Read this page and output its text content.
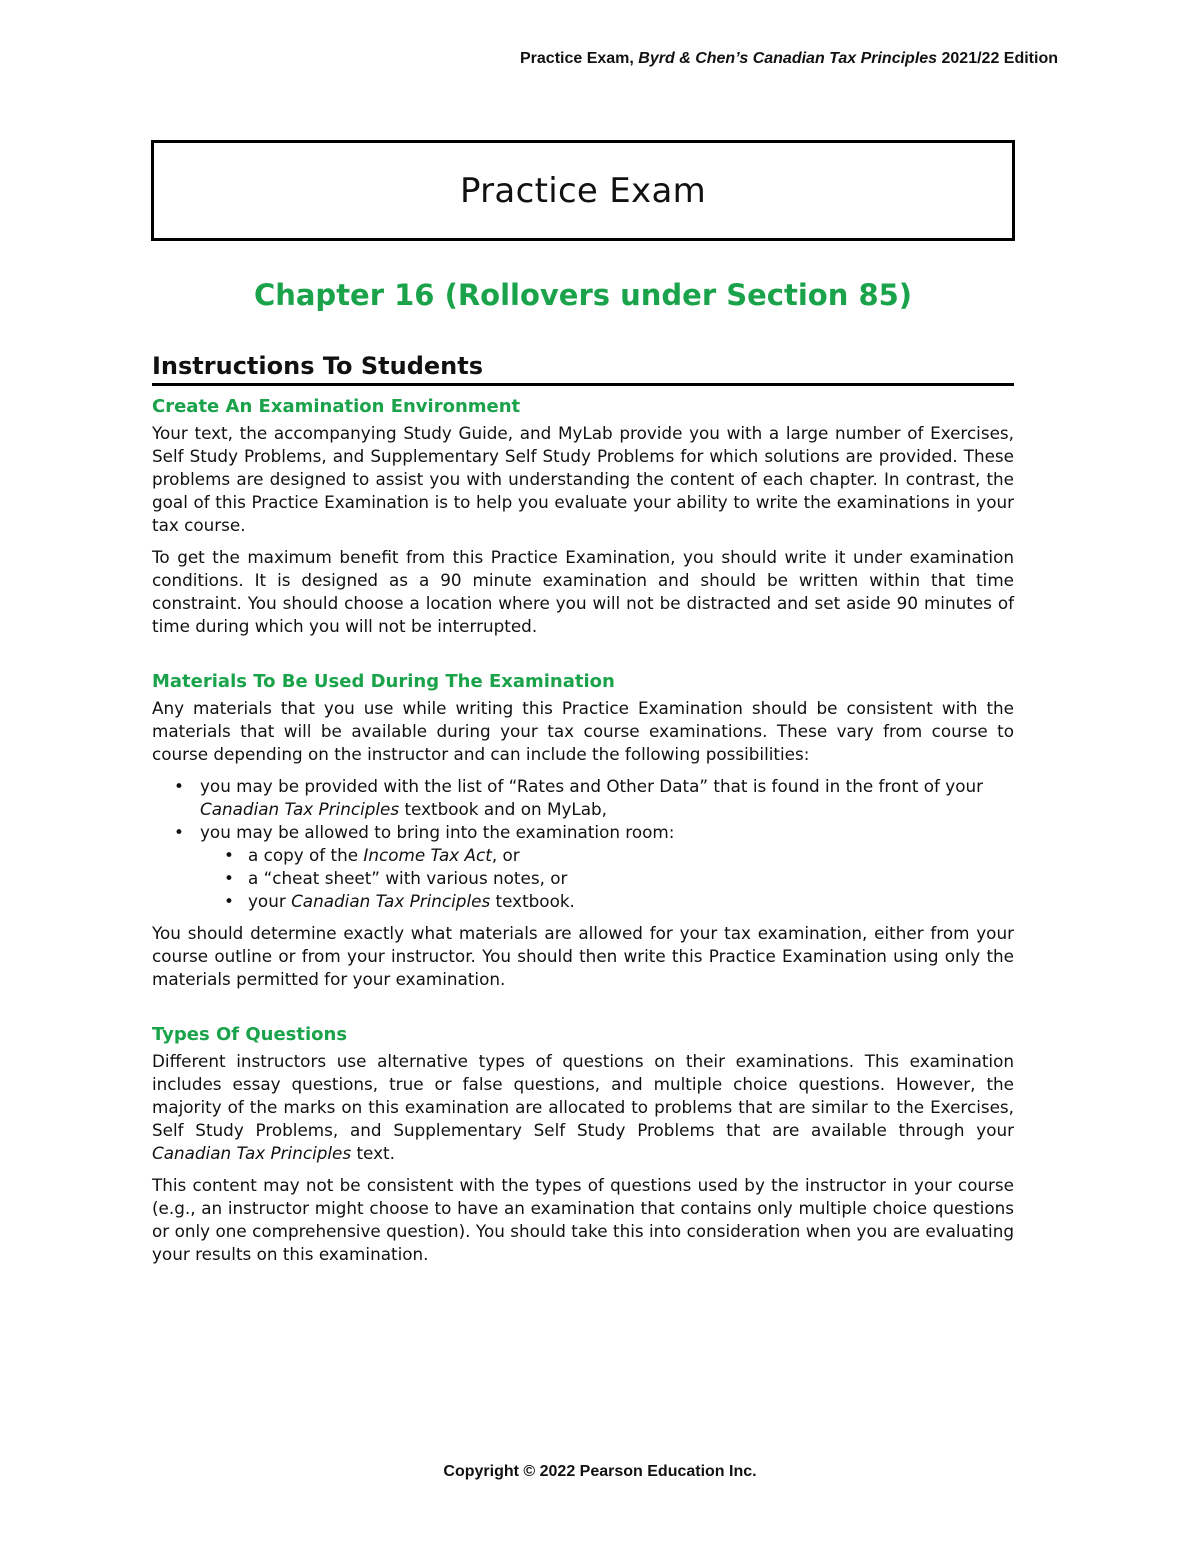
Practice Exam, Byrd & Chen’s Canadian Tax Principles 2021/22 Edition
Practice Exam
Chapter 16 (Rollovers under Section 85)
Instructions To Students
Create An Examination Environment

Your text, the accompanying Study Guide, and MyLab provide you with a large number of Exercises, Self Study Problems, and Supplementary Self Study Problems for which solutions are provided. These problems are designed to assist you with understanding the content of each chapter. In contrast, the goal of this Practice Examination is to help you evaluate your ability to write the examinations in your tax course.

To get the maximum benefit from this Practice Examination, you should write it under examination conditions. It is designed as a 90 minute examination and should be written within that time constraint. You should choose a location where you will not be distracted and set aside 90 minutes of time during which you will not be interrupted.

Materials To Be Used During The Examination

Any materials that you use while writing this Practice Examination should be consistent with the materials that will be available during your tax course examinations. These vary from course to course depending on the instructor and can include the following possibilities:

• you may be provided with the list of “Rates and Other Data” that is found in the front of your Canadian Tax Principles textbook and on MyLab,
• you may be allowed to bring into the examination room:
• a copy of the Income Tax Act, or
• a “cheat sheet” with various notes, or
• your Canadian Tax Principles textbook.

You should determine exactly what materials are allowed for your tax examination, either from your course outline or from your instructor. You should then write this Practice Examination using only the materials permitted for your examination.

Types Of Questions

Different instructors use alternative types of questions on their examinations. This examination includes essay questions, true or false questions, and multiple choice questions. However, the majority of the marks on this examination are allocated to problems that are similar to the Exercises, Self Study Problems, and Supplementary Self Study Problems that are available through your Canadian Tax Principles text.

This content may not be consistent with the types of questions used by the instructor in your course (e.g., an instructor might choose to have an examination that contains only multiple choice questions or only one comprehensive question). You should take this into consideration when you are evaluating your results on this examination.

Copyright © 2022 Pearson Education Inc.
